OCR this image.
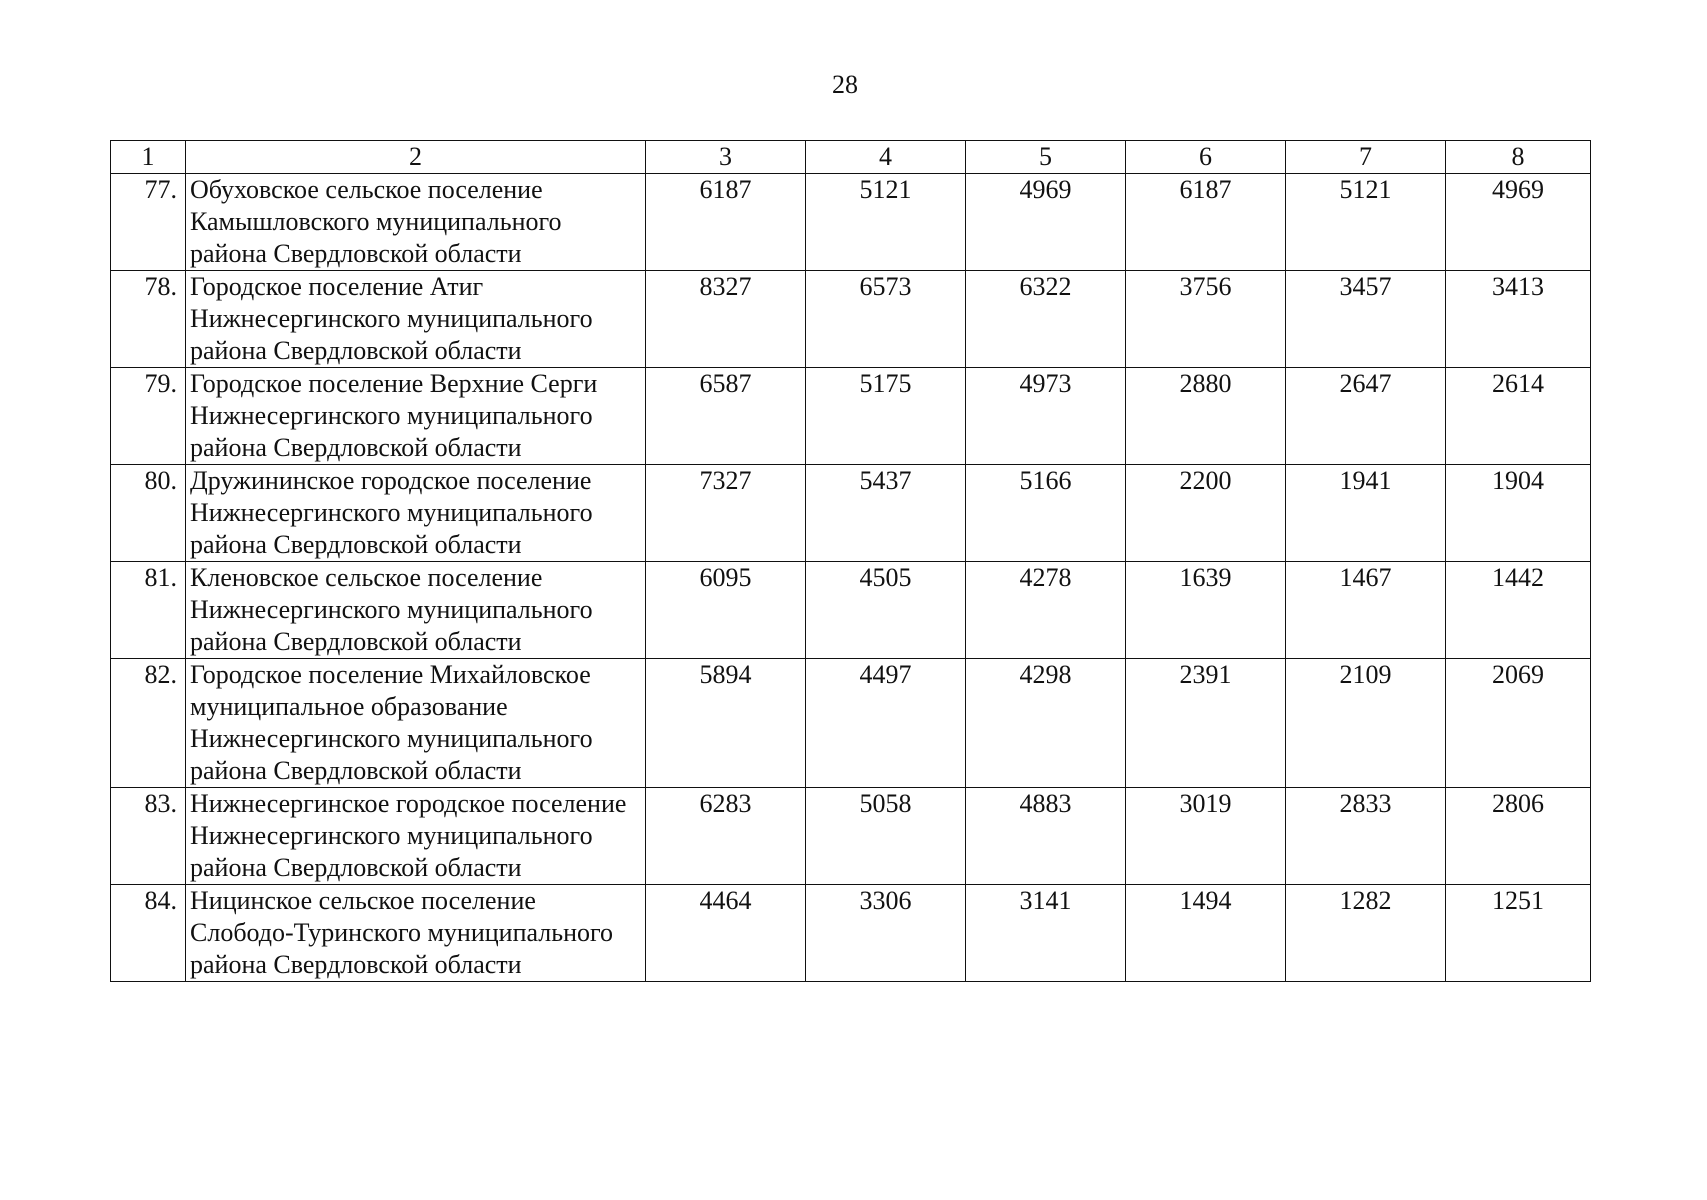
28
1	2	3	4	5	6	7	8
77.	Обуховское сельское поселение Камышловского муниципального района Свердловской области	6187	5121	4969	6187	5121	4969
78.	Городское поселение Атиг Нижнесергинского муниципального района Свердловской области	8327	6573	6322	3756	3457	3413
79.	Городское поселение Верхние Серги Нижнесергинского муниципального района Свердловской области	6587	5175	4973	2880	2647	2614
80.	Дружининское городское поселение Нижнесергинского муниципального района Свердловской области	7327	5437	5166	2200	1941	1904
81.	Кленовское сельское поселение Нижнесергинского муниципального района Свердловской области	6095	4505	4278	1639	1467	1442
82.	Городское поселение Михайловское муниципальное образование Нижнесергинского муниципального района Свердловской области	5894	4497	4298	2391	2109	2069
83.	Нижнесергинское городское поселение Нижнесергинского муниципального района Свердловской области	6283	5058	4883	3019	2833	2806
84.	Ницинское сельское поселение Слободо-Туринского муниципального района Свердловской области	4464	3306	3141	1494	1282	1251
